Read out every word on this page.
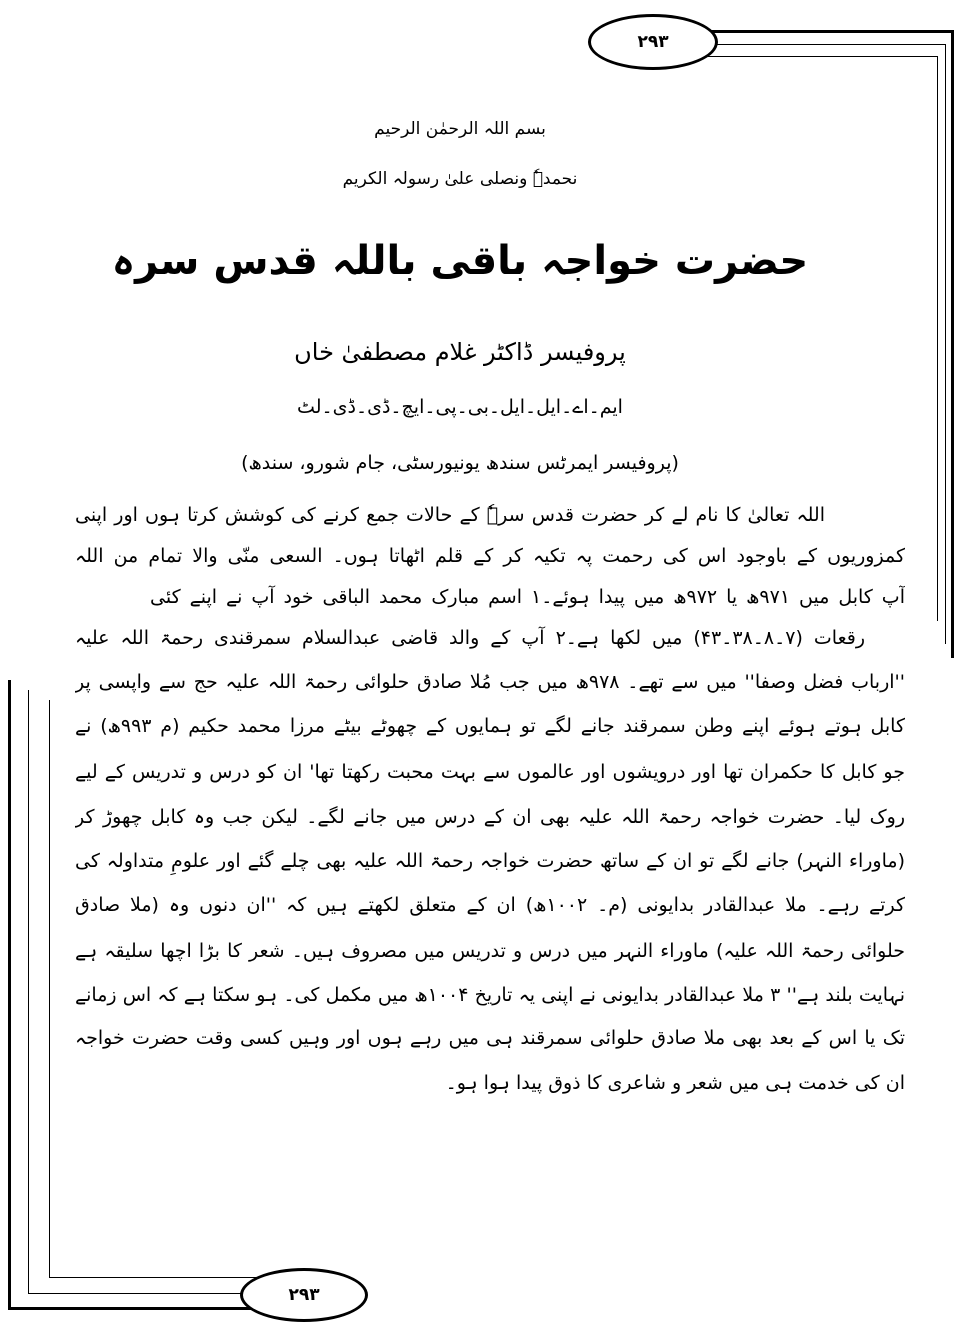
۲۹۳
۲۹۳
بسم اللہ الرحمٰن الرحیم
نحمدہٗ ونصلی علیٰ رسولہ الکریم
حضرت خواجہ باقی باللہ قدس سرہ
پروفیسر ڈاکٹر غلام مصطفیٰ خاں
ایم۔اے۔ایل۔ایل۔بی۔پی۔ایچ۔ڈی۔ڈی۔لٹ
(پروفیسر ایمرٹس سندھ یونیورسٹی، جام شورو، سندھ)
اللہ تعالیٰ کا نام لے کر حضرت قدس سرہٗ کے حالات جمع کرنے کی کوشش کرتا ہوں اور اپنی
کمزوریوں کے باوجود اس کی رحمت پہ تکیہ کر کے قلم اٹھاتا ہوں۔ السعی منّی والا تمام من اللہ
آپ کابل میں ۹۷۱ھ یا ۹۷۲ھ میں پیدا ہوئے۔۱ اسم مبارک محمد الباقی خود آپ نے اپنے کئی
رقعات (۷۔۸۔۳۸۔۴۳) میں لکھا ہے۔۲ آپ کے والد قاضی عبدالسلام سمرقندی رحمۃ اللہ علیہ
''ارباب فضل وصفا'' میں سے تھے۔ ۹۷۸ھ میں جب مُلا صادق حلوائی رحمۃ اللہ علیہ حج سے واپسی پر
کابل ہوتے ہوئے اپنے وطن سمرقند جانے لگے تو ہمایوں کے چھوٹے بیٹے مرزا محمد حکیم (م ۹۹۳ھ) نے
جو کابل کا حکمران تھا اور درویشوں اور عالموں سے بہت محبت رکھتا تھا' ان کو درس و تدریس کے لیے
روک لیا۔ حضرت خواجہ رحمۃ اللہ علیہ بھی ان کے درس میں جانے لگے۔ لیکن جب وہ کابل چھوڑ کر
(ماوراء النہر) جانے لگے تو ان کے ساتھ حضرت خواجہ رحمۃ اللہ علیہ بھی چلے گئے اور علومِ متداولہ کی
کرتے رہے۔ ملا عبدالقادر بدایونی (م۔ ۱۰۰۲ھ) ان کے متعلق لکھتے ہیں کہ ''ان دنوں وہ (ملا صادق
حلوائی رحمۃ اللہ علیہ) ماوراء النہر میں درس و تدریس میں مصروف ہیں۔ شعر کا بڑا اچھا سلیقہ ہے
نہایت بلند ہے'' ۳ ملا عبدالقادر بدایونی نے اپنی یہ تاریخ ۱۰۰۴ھ میں مکمل کی۔ ہو سکتا ہے کہ اس زمانے
تک یا اس کے بعد بھی ملا صادق حلوائی سمرقند ہی میں رہے ہوں اور وہیں کسی وقت حضرت خواجہ
ان کی خدمت ہی میں شعر و شاعری کا ذوق پیدا ہوا ہو۔
